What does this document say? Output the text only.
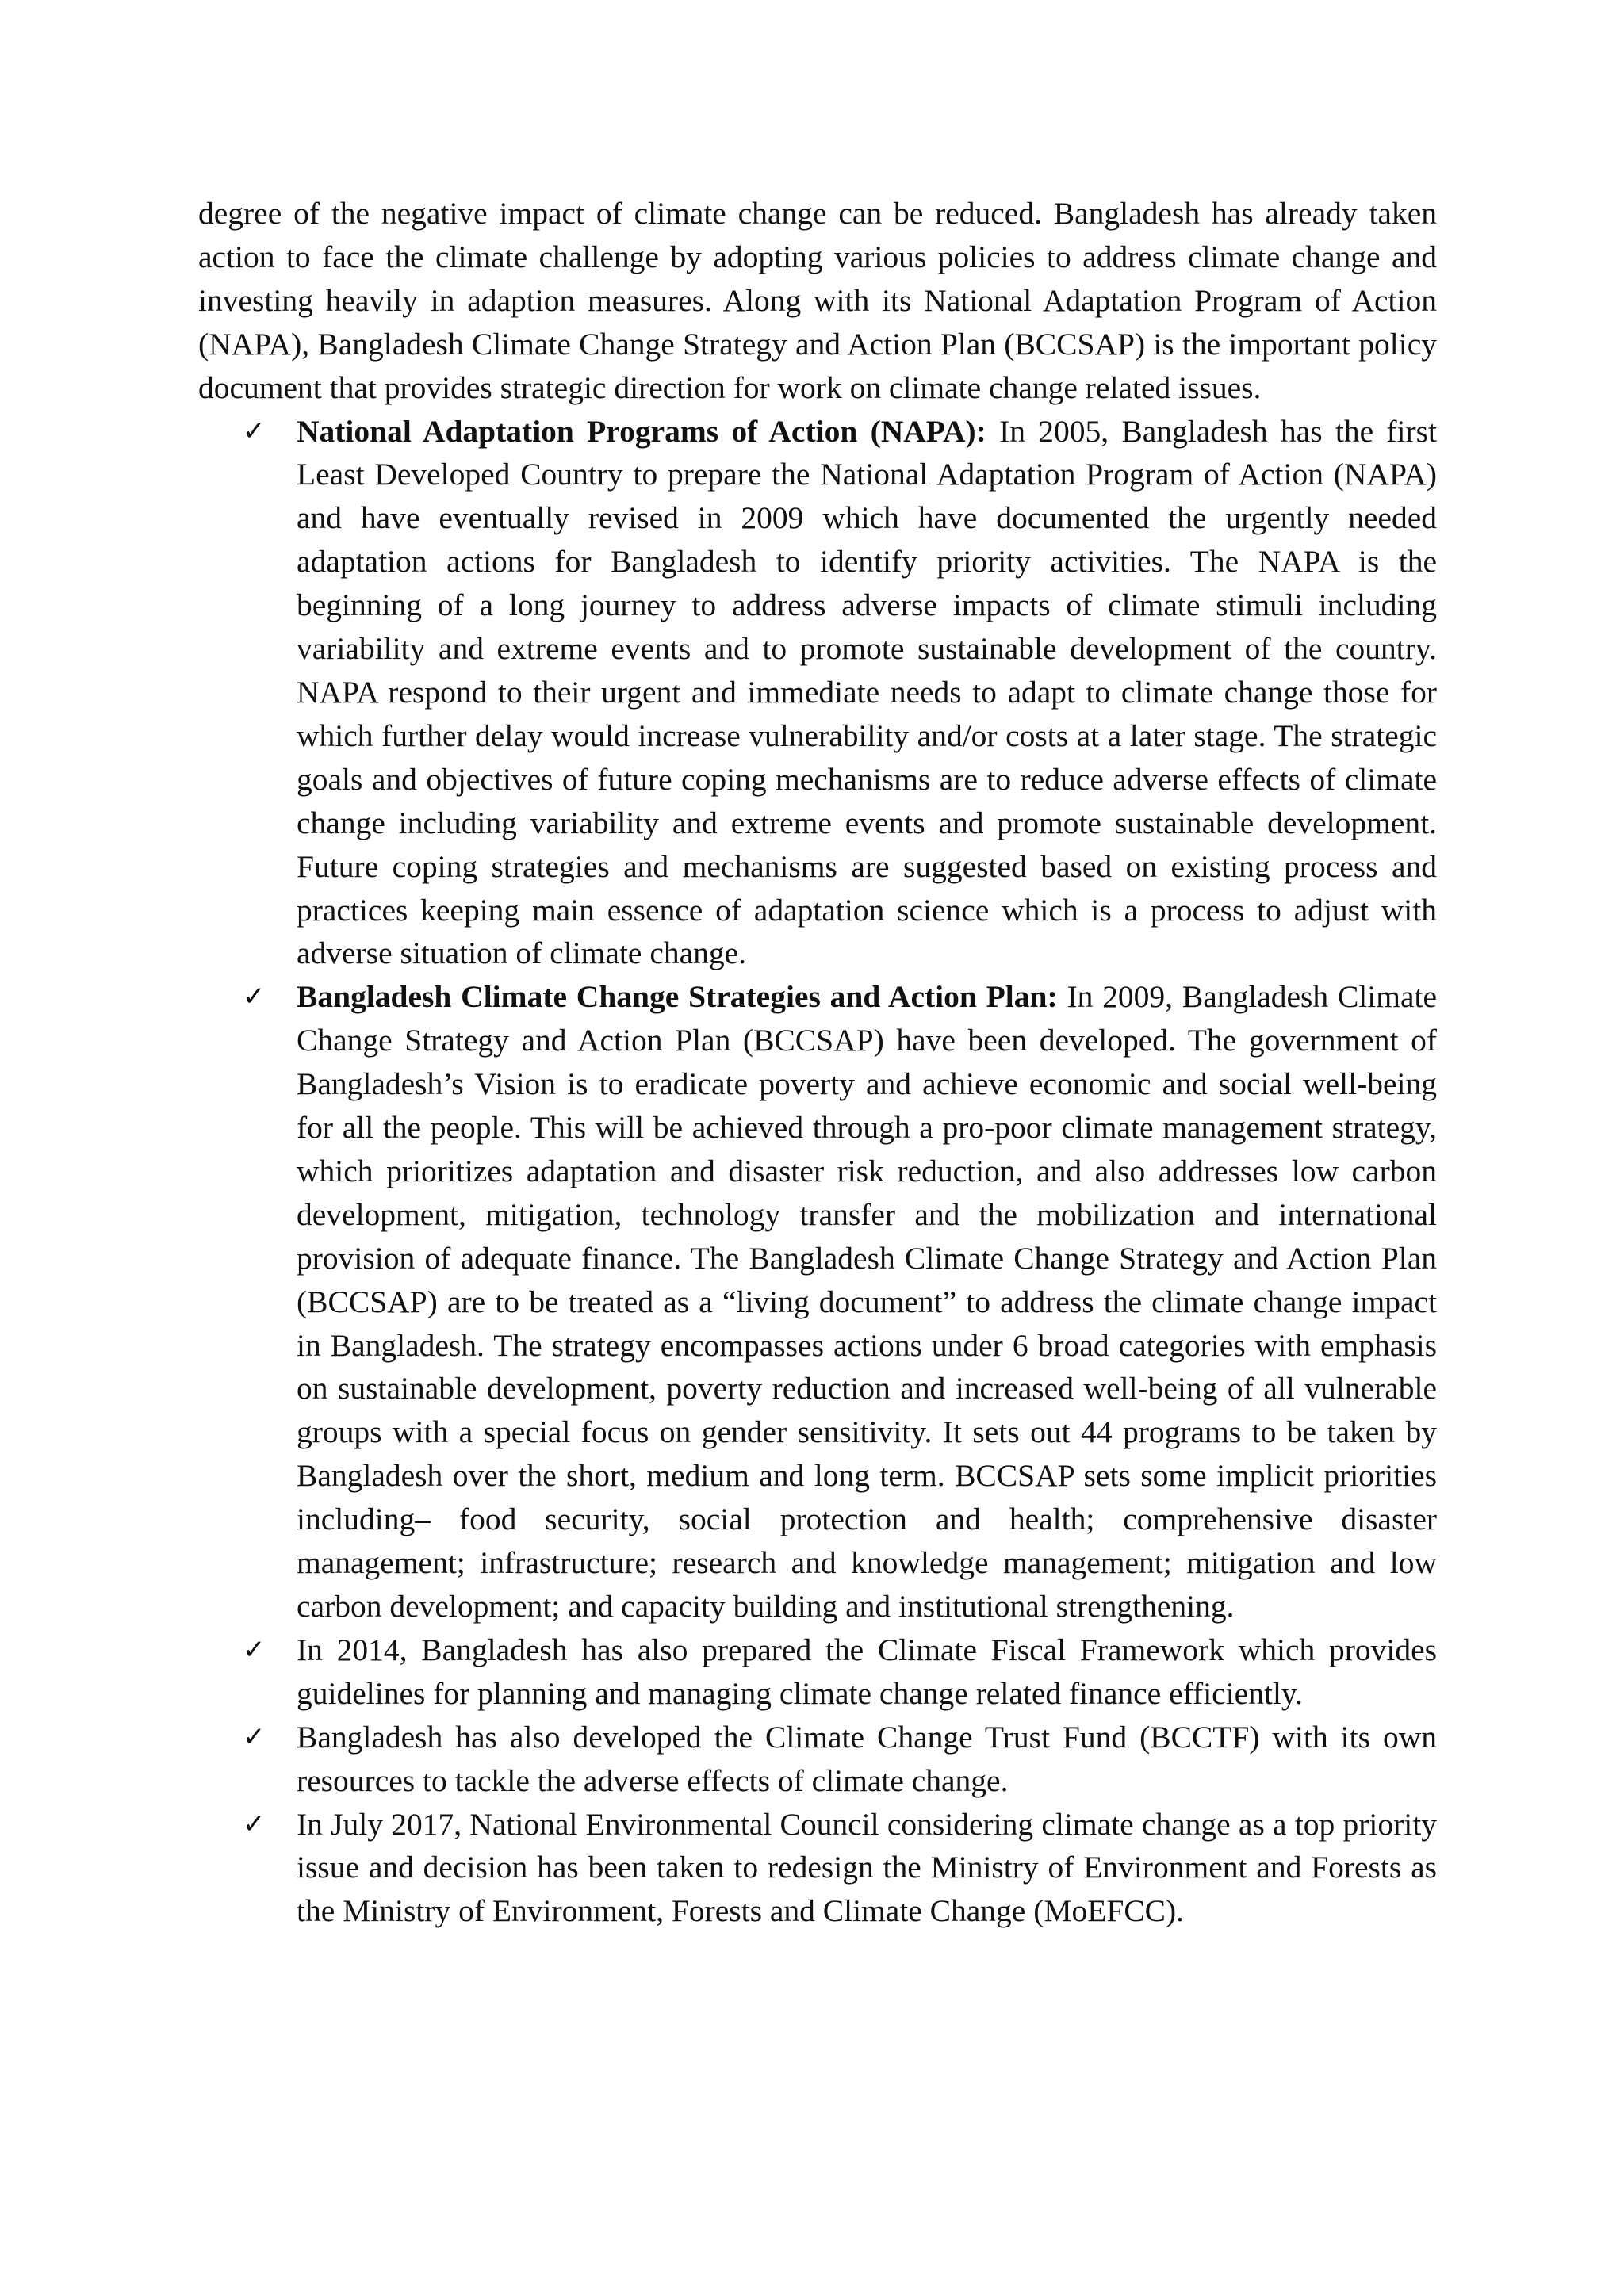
degree of the negative impact of climate change can be reduced. Bangladesh has already taken action to face the climate challenge by adopting various policies to address climate change and investing heavily in adaption measures. Along with its National Adaptation Program of Action (NAPA), Bangladesh Climate Change Strategy and Action Plan (BCCSAP) is the important policy document that provides strategic direction for work on climate change related issues.

✓ National Adaptation Programs of Action (NAPA): In 2005, Bangladesh has the first Least Developed Country to prepare the National Adaptation Program of Action (NAPA) and have eventually revised in 2009 which have documented the urgently needed adaptation actions for Bangladesh to identify priority activities. The NAPA is the beginning of a long journey to address adverse impacts of climate stimuli including variability and extreme events and to promote sustainable development of the country. NAPA respond to their urgent and immediate needs to adapt to climate change those for which further delay would increase vulnerability and/or costs at a later stage. The strategic goals and objectives of future coping mechanisms are to reduce adverse effects of climate change including variability and extreme events and promote sustainable development. Future coping strategies and mechanisms are suggested based on existing process and practices keeping main essence of adaptation science which is a process to adjust with adverse situation of climate change.
✓ Bangladesh Climate Change Strategies and Action Plan: In 2009, Bangladesh Climate Change Strategy and Action Plan (BCCSAP) have been developed. The government of Bangladesh’s Vision is to eradicate poverty and achieve economic and social well-being for all the people. This will be achieved through a pro-poor climate management strategy, which prioritizes adaptation and disaster risk reduction, and also addresses low carbon development, mitigation, technology transfer and the mobilization and international provision of adequate finance. The Bangladesh Climate Change Strategy and Action Plan (BCCSAP) are to be treated as a “living document” to address the climate change impact in Bangladesh. The strategy encompasses actions under 6 broad categories with emphasis on sustainable development, poverty reduction and increased well-being of all vulnerable groups with a special focus on gender sensitivity. It sets out 44 programs to be taken by Bangladesh over the short, medium and long term. BCCSAP sets some implicit priorities including– food security, social protection and health; comprehensive disaster management; infrastructure; research and knowledge management; mitigation and low carbon development; and capacity building and institutional strengthening.
✓ In 2014, Bangladesh has also prepared the Climate Fiscal Framework which provides guidelines for planning and managing climate change related finance efficiently.
✓ Bangladesh has also developed the Climate Change Trust Fund (BCCTF) with its own resources to tackle the adverse effects of climate change.
✓ In July 2017, National Environmental Council considering climate change as a top priority issue and decision has been taken to redesign the Ministry of Environment and Forests as the Ministry of Environment, Forests and Climate Change (MoEFCC).
